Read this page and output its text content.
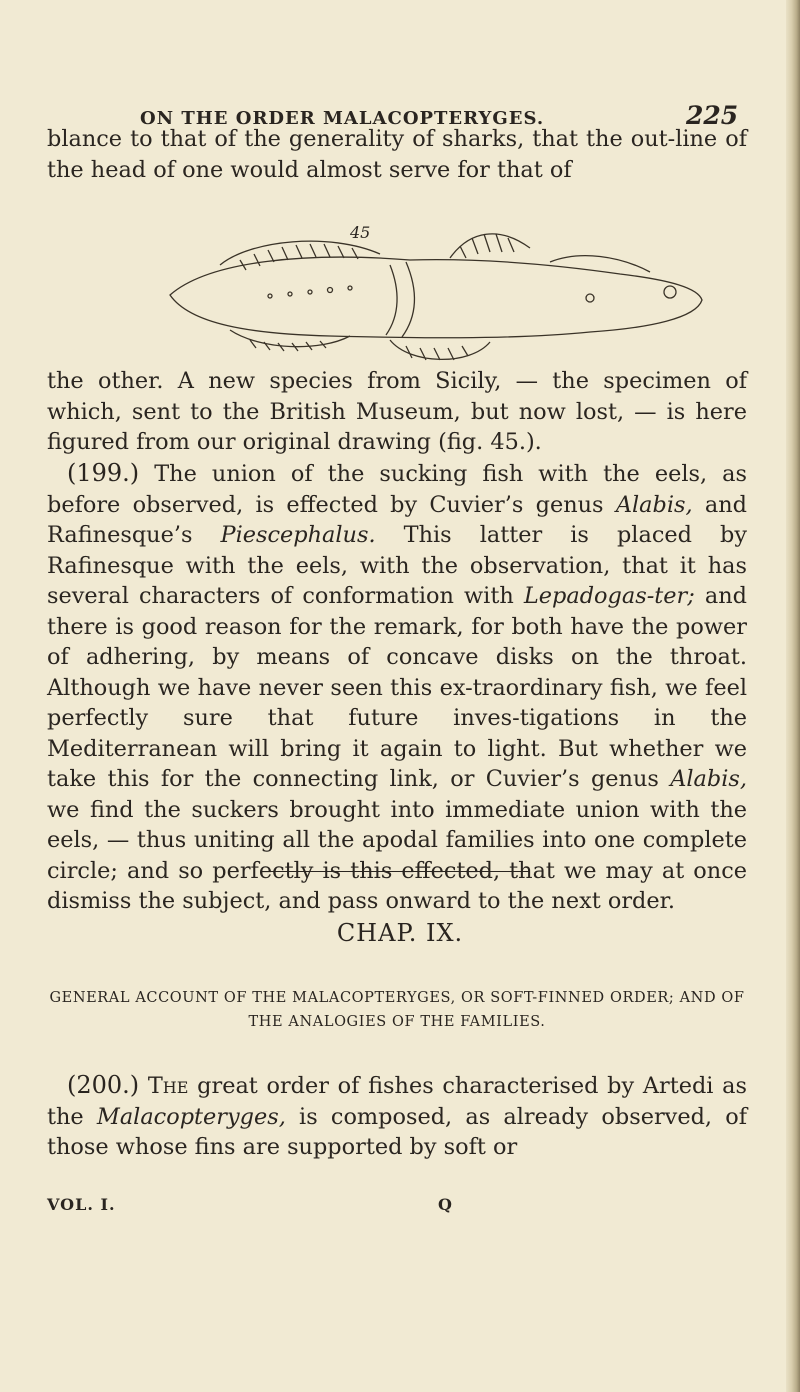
ON THE ORDER MALACOPTERYGES.	225

blance to that of the generality of sharks, that the out-line of the head of one would almost serve for that of

45

the other. A new species from Sicily, — the specimen of which, sent to the British Museum, but now lost, — is here figured from our original drawing (fig. 45.).

(199.) The union of the sucking fish with the eels, as before observed, is effected by Cuvier’s genus Alabis, and Rafinesque’s Piescephalus. This latter is placed by Rafinesque with the eels, with the observation, that it has several characters of conformation with Lepadogas-ter; and there is good reason for the remark, for both have the power of adhering, by means of concave disks on the throat. Although we have never seen this ex-traordinary fish, we feel perfectly sure that future inves-tigations in the Mediterranean will bring it again to light. But whether we take this for the connecting link, or Cuvier’s genus Alabis, we find the suckers brought into immediate union with the eels, — thus uniting all the apodal families into one complete circle; and so perfectly is this effected, that we may at once dismiss the subject, and pass onward to the next order.

CHAP. IX.
GENERAL ACCOUNT OF THE MALACOPTERYGES, OR SOFT-FINNED ORDER; AND OF THE ANALOGIES OF THE FAMILIES.

(200.) The great order of fishes characterised by Artedi as the Malacopteryges, is composed, as already observed, of those whose fins are supported by soft or

VOL. I.	Q
